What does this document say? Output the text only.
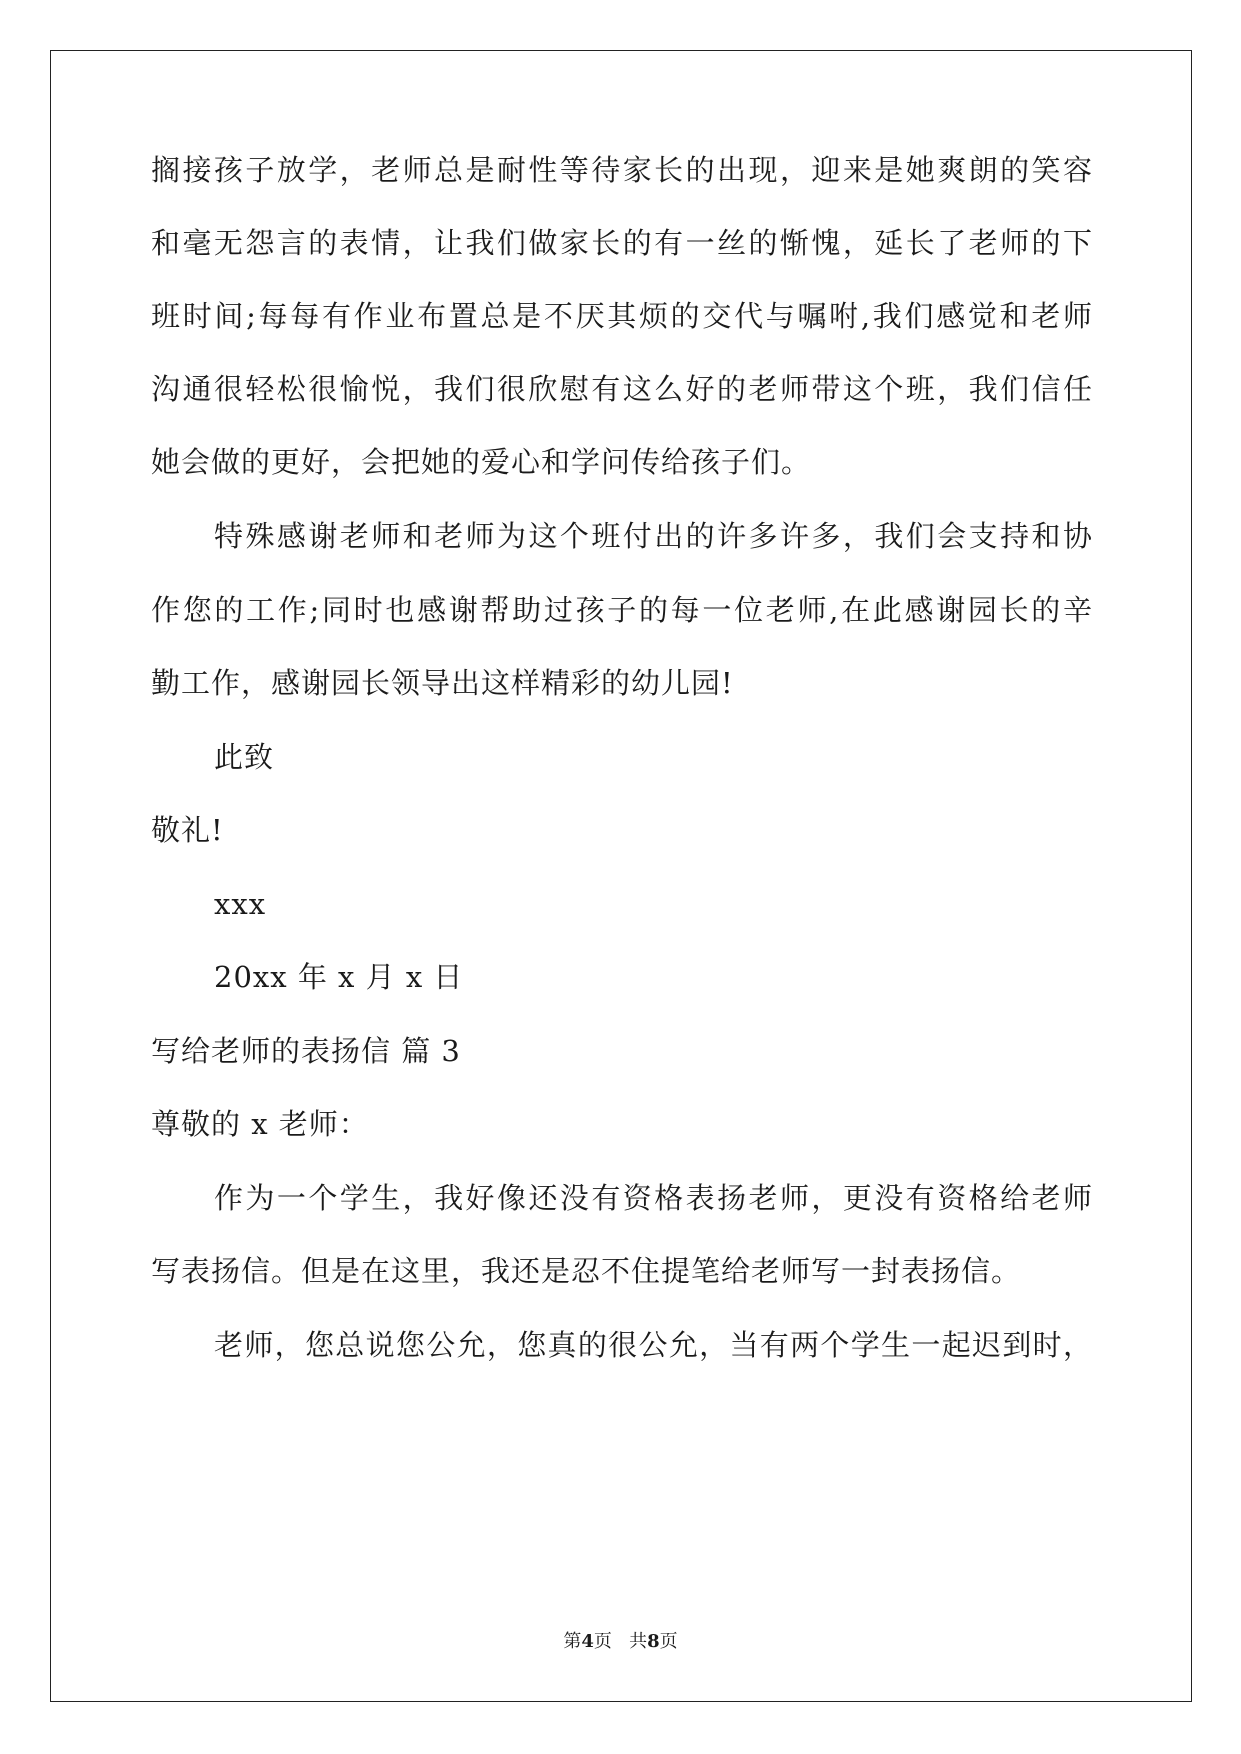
搁接孩子放学，老师总是耐性等待家长的出现，迎来是她爽朗的笑容
和毫无怨言的表情，让我们做家长的有一丝的惭愧，延长了老师的下
班时间;每每有作业布置总是不厌其烦的交代与嘱咐,我们感觉和老师
沟通很轻松很愉悦，我们很欣慰有这么好的老师带这个班，我们信任
她会做的更好，会把她的爱心和学问传给孩子们。
特殊感谢老师和老师为这个班付出的许多许多，我们会支持和协
作您的工作;同时也感谢帮助过孩子的每一位老师,在此感谢园长的辛
勤工作，感谢园长领导出这样精彩的幼儿园!
此致
敬礼!
xxx
20xx 年 x 月 x 日
写给老师的表扬信 篇 3
尊敬的 x 老师：
作为一个学生，我好像还没有资格表扬老师，更没有资格给老师
写表扬信。但是在这里，我还是忍不住提笔给老师写一封表扬信。
老师，您总说您公允，您真的很公允，当有两个学生一起迟到时，
第4页   共8页
